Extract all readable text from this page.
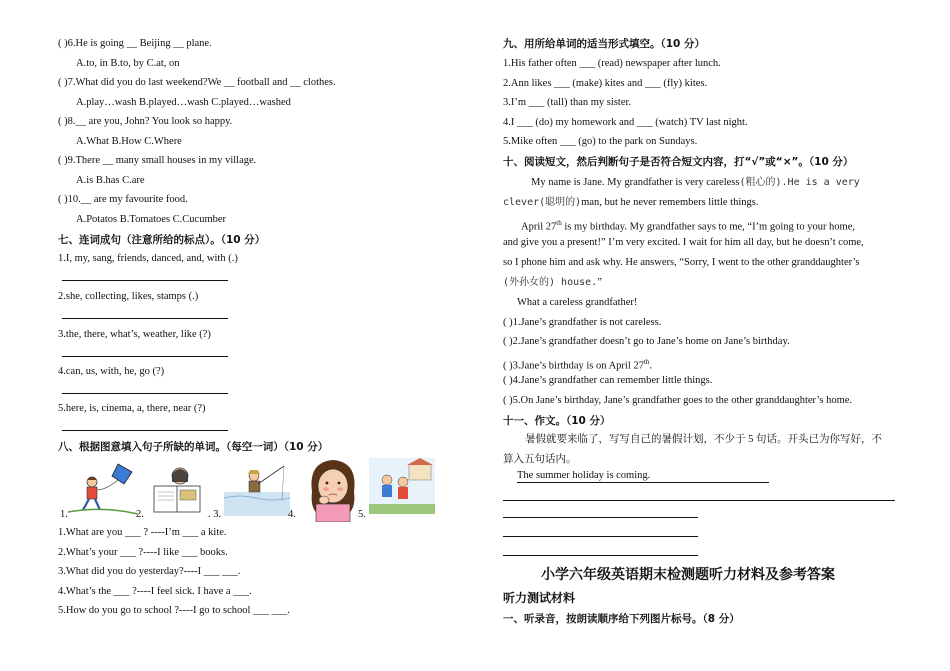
( )6.He is going __ Beijing __ plane.
A.to, in B.to, by C.at, on
( )7.What did you do last weekend?We __ football and __ clothes.
A.play…wash B.played…wash C.played…washed
( )8.__ are you, John? You look so happy.
A.What B.How C.Where
( )9.There __ many small houses in my village.
A.is B.has C.are
( )10.__ are my favourite food.
A.Potatos B.Tomatoes C.Cucumber
七、连词成句（注意所给的标点）。（10 分）
1.I, my, sang, friends, danced, and, with (.)
2.she, collecting, likes, stamps (.)
3.the, there, what’s, weather, like (?)
4.can, us, with, he, go (?)
5.here, is, cinema, a, there, near (?)
八、根据图意填入句子所缺的单词。（每空一词）（10 分）
1.	2.	. 3.	4.	5.
1.What are you ___ ? ----I’m ___ a kite.
2.What’s your ___ ?----I like ___ books.
3.What did you do yesterday?----I ___ ___.
4.What’s the ___ ?----I feel sick. I have a ___.
5.How do you go to school ?----I go to school ___ ___.
九、用所给单词的适当形式填空。（10 分）
1.His father often ___ (read) newspaper after lunch.
2.Ann likes ___ (make) kites and ___ (fly) kites.
3.I’m ___ (tall) than my sister.
4.I ___ (do) my homework and ___ (watch) TV last night.
5.Mike often ___ (go) to the park on Sundays.
十、阅读短文，然后判断句子是否符合短文内容，打“√”或“×”。（10 分）
My name is Jane. My grandfather is very careless(粗心的).He is a very
clever(聪明的)man, but he never remembers little things.
April 27th is my birthday. My grandfather says to me, “I’m going to your home,
and give you a present!” I’m very excited. I wait for him all day, but he doesn’t come,
so I phone him and ask why. He answers, “Sorry, I went to the other granddaughter’s
(外孙女的) house.”
What a careless grandfather!
( )1.Jane’s grandfather is not careless.
( )2.Jane’s grandfather doesn’t go to Jane’s home on Jane’s birthday.
( )3.Jane’s birthday is on April 27th.
( )4.Jane’s grandfather can remember little things.
( )5.On Jane’s birthday, Jane’s grandfather goes to the other granddaughter’s home.
十一、作文。（10 分）
暑假就要来临了，写写自己的暑假计划，不少于 5 句话。开头已为你写好，不
算入五句话内。
The summer holiday is coming.
小学六年级英语期末检测题听力材料及参考答案
听力测试材料
一、听录音，按朗读顺序给下列图片标号。（8 分）
